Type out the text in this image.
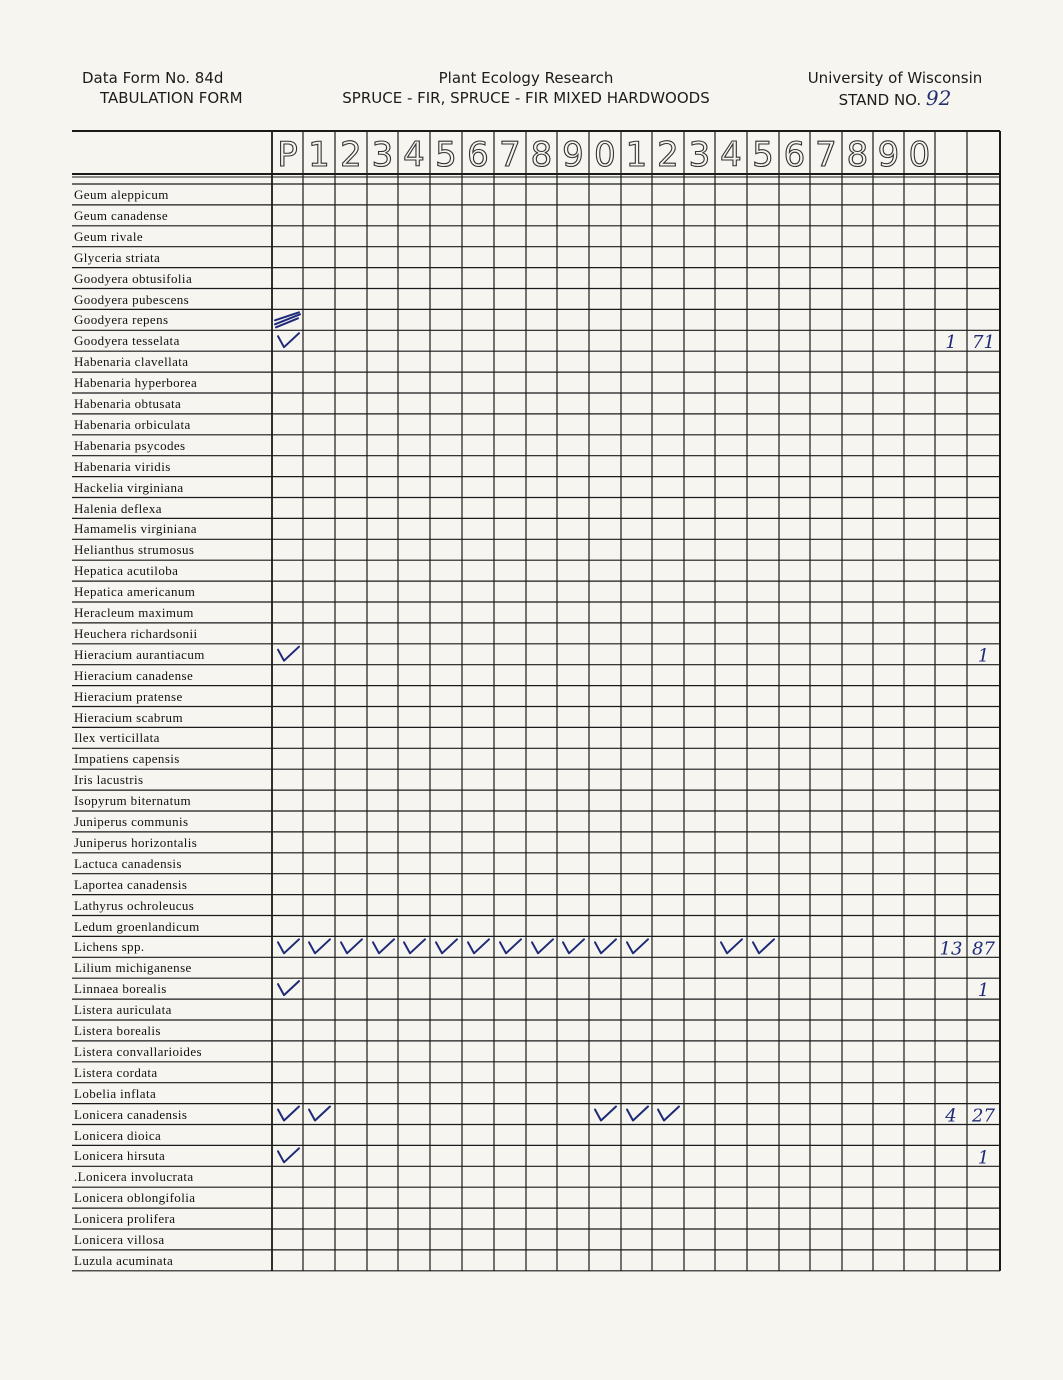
Data Form No. 84d
TABULATION FORM
Plant Ecology Research
SPRUCE - FIR, SPRUCE - FIR MIXED HARDWOODS
University of Wisconsin
STAND NO. 92
P 1 2 3 4 5 6 7 8 9 0 1 2 3 4 5 6 7 8 9 0
1 71
1
13 87
1
4 27
1
Geum aleppicum
Geum canadense
Geum rivale
Glyceria striata
Goodyera obtusifolia
Goodyera pubescens
Goodyera repens
Goodyera tesselata
Habenaria clavellata
Habenaria hyperborea
Habenaria obtusata
Habenaria orbiculata
Habenaria psycodes
Habenaria viridis
Hackelia virginiana
Halenia deflexa
Hamamelis virginiana
Helianthus strumosus
Hepatica acutiloba
Hepatica americanum
Heracleum maximum
Heuchera richardsonii
Hieracium aurantiacum
Hieracium canadense
Hieracium pratense
Hieracium scabrum
Ilex verticillata
Impatiens capensis
Iris lacustris
Isopyrum biternatum
Juniperus communis
Juniperus horizontalis
Lactuca canadensis
Laportea canadensis
Lathyrus ochroleucus
Ledum groenlandicum
Lichens spp.
Lilium michiganense
Linnaea borealis
Listera auriculata
Listera borealis
Listera convallarioides
Listera cordata
Lobelia inflata
Lonicera canadensis
Lonicera dioica
Lonicera hirsuta
.Lonicera involucrata
Lonicera oblongifolia
Lonicera prolifera
Lonicera villosa
Luzula acuminata
